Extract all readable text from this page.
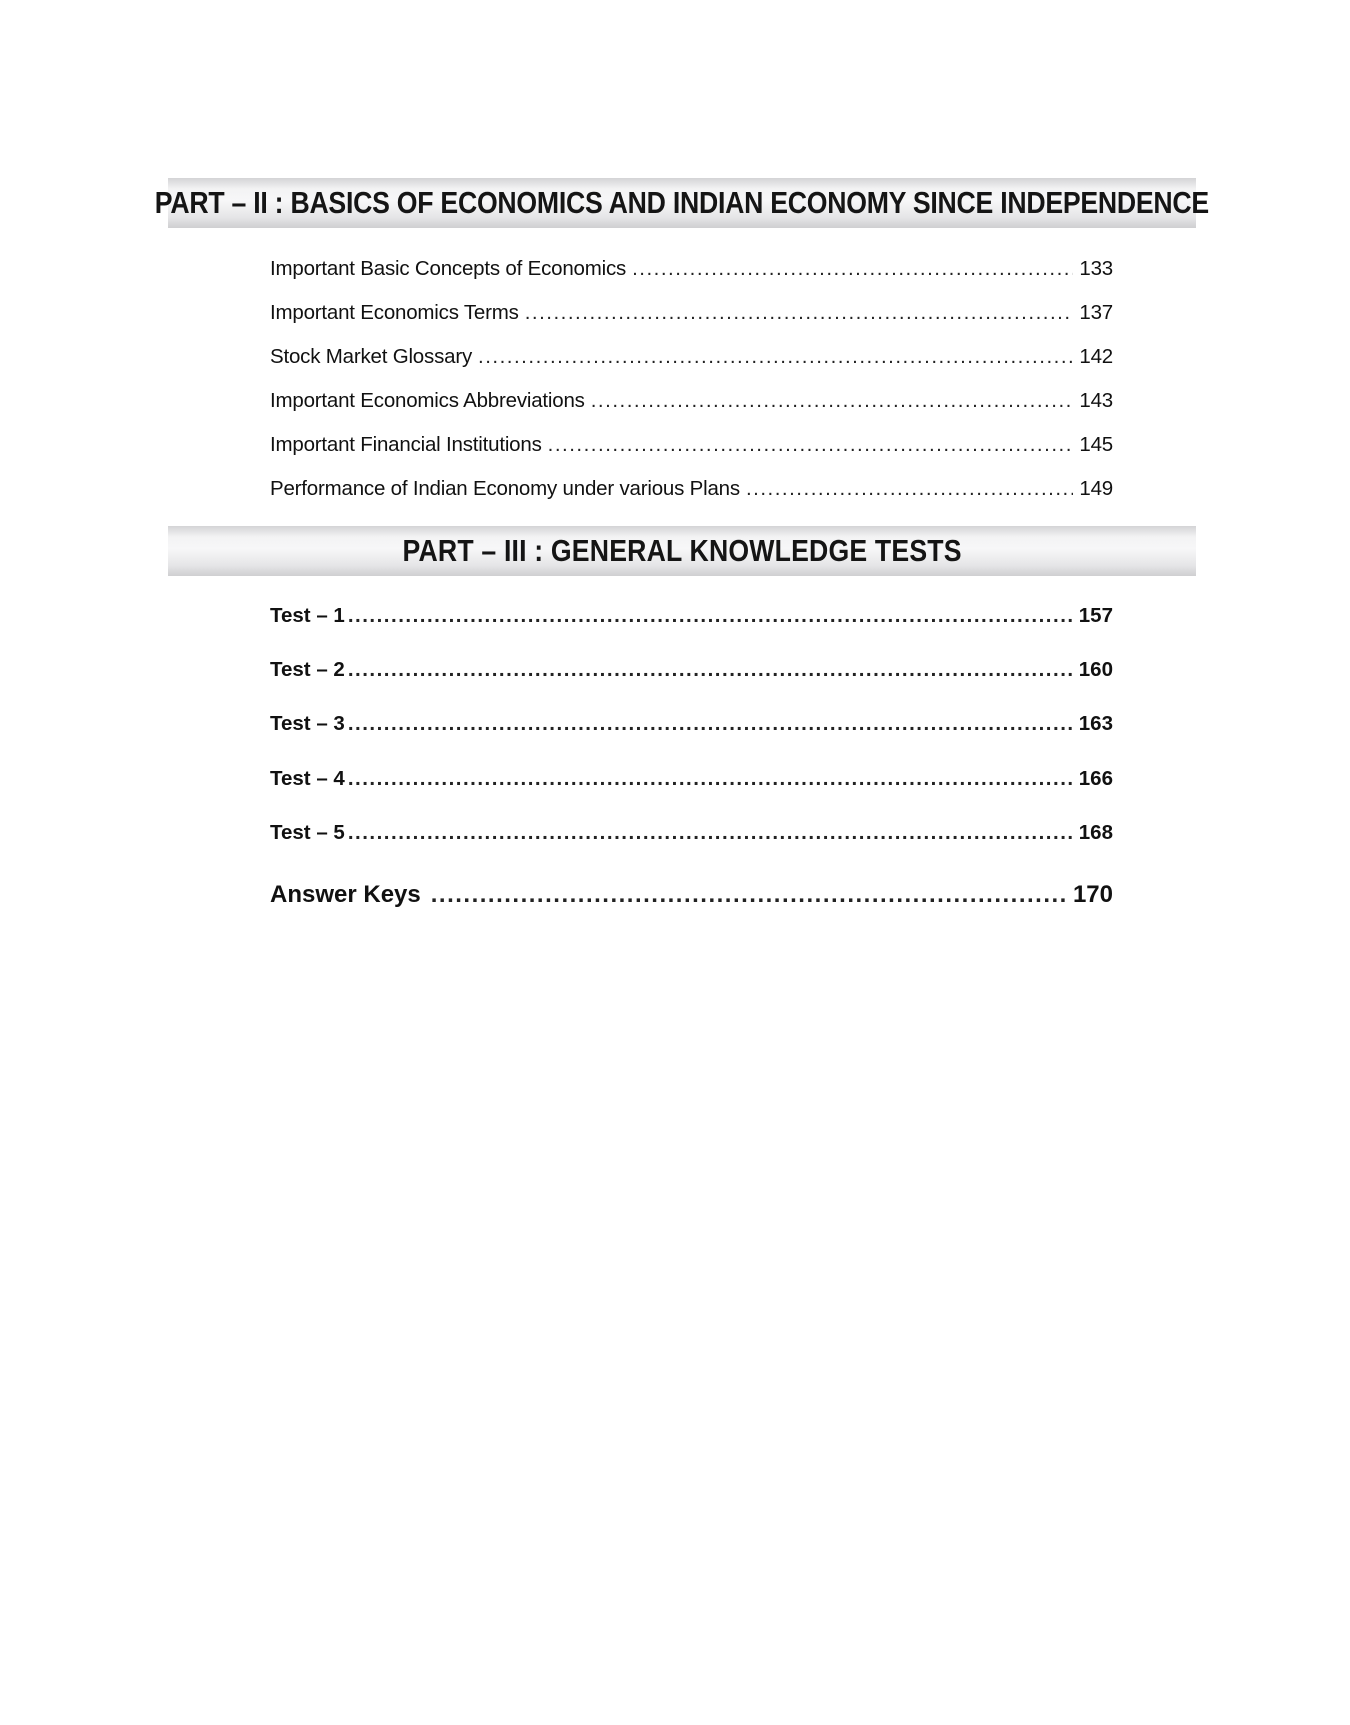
PART – II : BASICS OF ECONOMICS AND INDIAN ECONOMY SINCE INDEPENDENCE
Important Basic Concepts of Economics .....	133
Important Economics Terms .....	137
Stock Market Glossary .....	142
Important Economics Abbreviations .....	143
Important Financial Institutions .....	145
Performance of Indian Economy under various Plans .....	149
PART – III : GENERAL KNOWLEDGE TESTS
Test – 1 .....	157
Test – 2 .....	160
Test – 3 .....	163
Test – 4 .....	166
Test – 5 .....	168
Answer Keys .....	170
